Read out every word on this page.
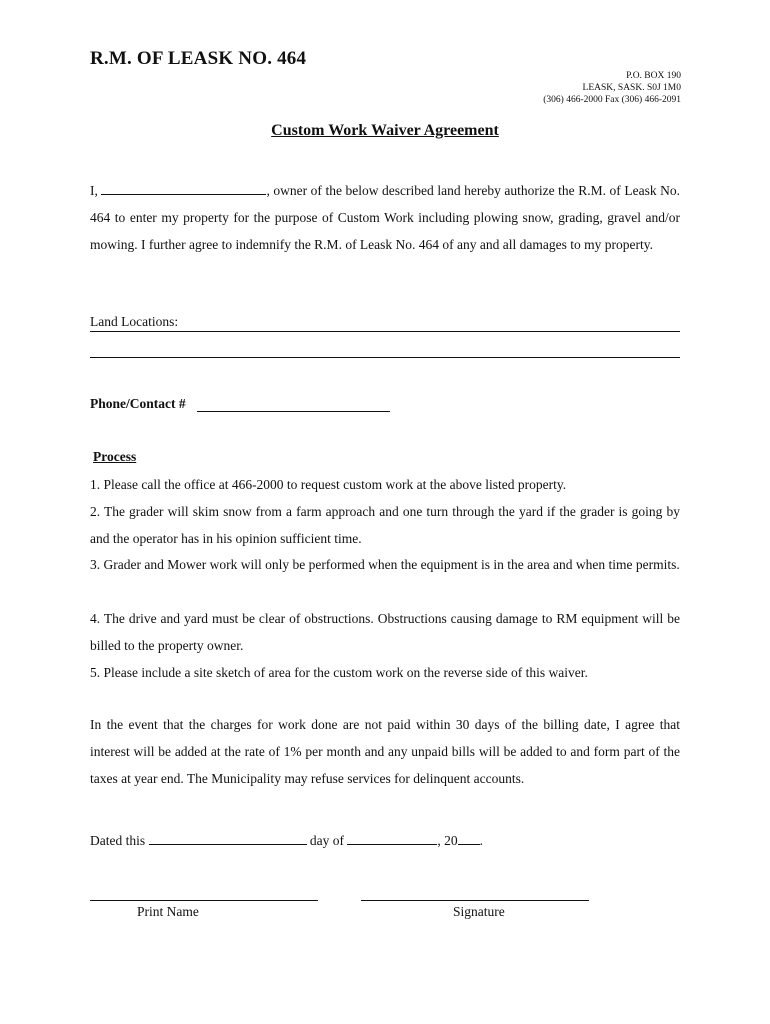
R.M. OF LEASK NO. 464
P.O. BOX 190
LEASK, SASK. S0J 1M0
(306) 466-2000 Fax (306) 466-2091
Custom Work Waiver Agreement
I,	, owner of the below described land hereby authorize the R.M. of Leask No. 464 to enter my property for the purpose of Custom Work including plowing snow, grading, gravel and/or mowing. I further agree to indemnify the R.M. of Leask No. 464 of any and all damages to my property.
Land Locations:
Phone/Contact #
Process
1. Please call the office at 466-2000 to request custom work at the above listed property.
2. The grader will skim snow from a farm approach and one turn through the yard if the grader is going by and the operator has in his opinion sufficient time.
3. Grader and Mower work will only be performed when the equipment is in the area and when time permits.
4. The drive and yard must be clear of obstructions. Obstructions causing damage to RM equipment will be billed to the property owner.
5. Please include a site sketch of area for the custom work on the reverse side of this waiver.
In the event that the charges for work done are not paid within 30 days of the billing date, I agree that interest will be added at the rate of 1% per month and any unpaid bills will be added to and form part of the taxes at year end. The Municipality may refuse services for delinquent accounts.
Dated this	day of	, 20 .
Print Name	Signature
